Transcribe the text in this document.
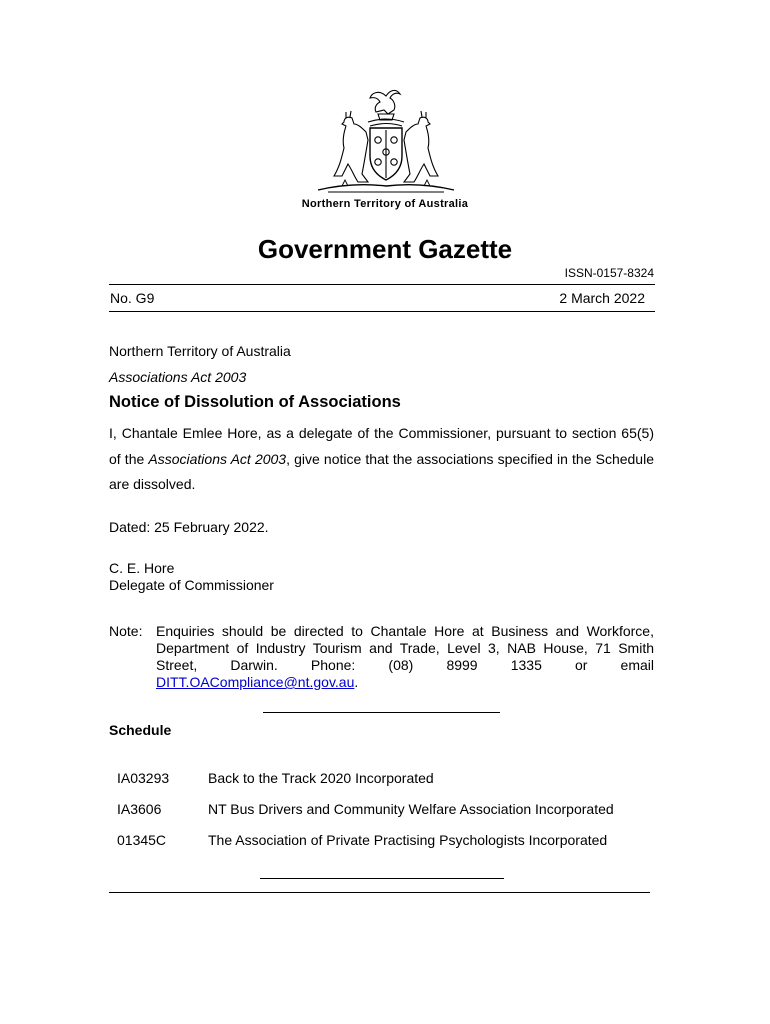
Northern Territory of Australia
Government Gazette
ISSN-0157-8324
No. G9	2 March 2022
Northern Territory of Australia
Associations Act 2003
Notice of Dissolution of Associations
I, Chantale Emlee Hore, as a delegate of the Commissioner, pursuant to section 65(5) of the Associations Act 2003, give notice that the associations specified in the Schedule are dissolved.
Dated: 25 February 2022.
C. E. Hore
Delegate of Commissioner
Note: Enquiries should be directed to Chantale Hore at Business and Workforce, Department of Industry Tourism and Trade, Level 3, NAB House, 71 Smith Street, Darwin. Phone: (08) 8999 1335 or email DITT.OACompliance@nt.gov.au.
Schedule
IA03293	Back to the Track 2020 Incorporated
IA3606	NT Bus Drivers and Community Welfare Association Incorporated
01345C	The Association of Private Practising Psychologists Incorporated
